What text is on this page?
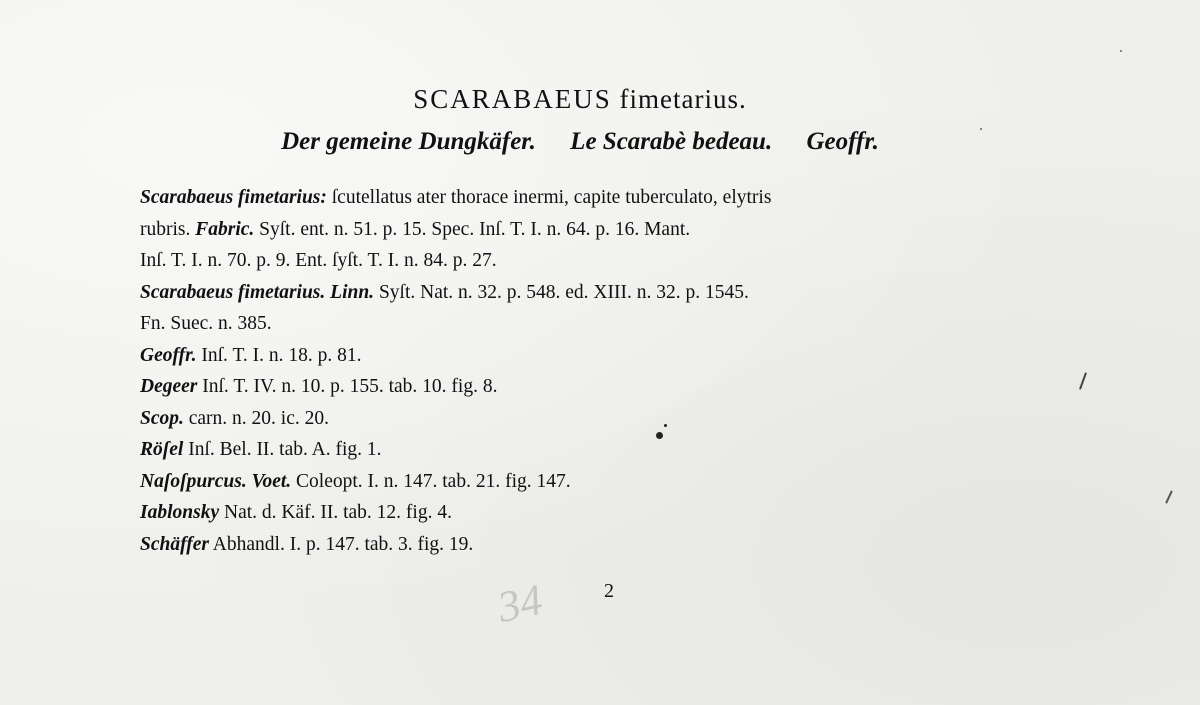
SCARABAEUS fimetarius.
Der gemeine Dungkäfer. Le Scarabè bedeau. Geoffr.
Scarabaeus fimetarius: ſcutellatus ater thorace inermi, capite tuberculato, elytris
rubris. Fabric. Syſt. ent. n. 51. p. 15. Spec. Inſ. T. I. n. 64. p. 16. Mant.
Inſ. T. I. n. 70. p. 9. Ent. ſyſt. T. I. n. 84. p. 27.
Scarabaeus fimetarius. Linn. Syſt. Nat. n. 32. p. 548. ed. XIII. n. 32. p. 1545.
Fn. Suec. n. 385.
Geoffr. Inſ. T. I. n. 18. p. 81.
Degeer Inſ. T. IV. n. 10. p. 155. tab. 10. fig. 8.
Scop. carn. n. 20. ic. 20.
Röſel Inſ. Bel. II. tab. A. fig. 1.
Naſoſpurcus. Voet. Coleopt. I. n. 147. tab. 21. fig. 147.
Iablonsky Nat. d. Käf. II. tab. 12. fig. 4.
Schäffer Abhandl. I. p. 147. tab. 3. fig. 19.
34	2
